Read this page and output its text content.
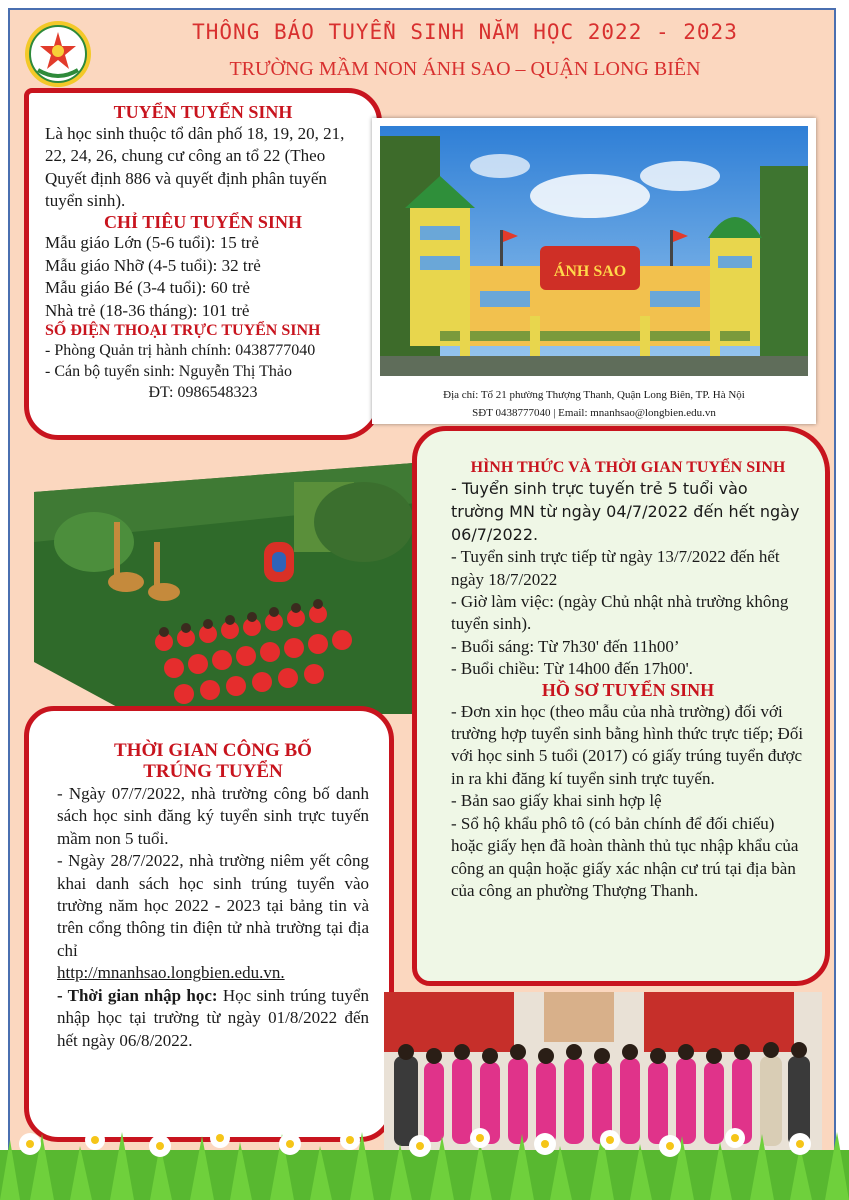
THÔNG BÁO TUYỂN SINH NĂM HỌC 2022 - 2023
TRƯỜNG MẦM NON ÁNH SAO – QUẬN LONG BIÊN
TUYỂN TUYỂN SINH
Là học sinh thuộc tổ dân phố 18, 19, 20, 21, 22, 24, 26, chung cư công an tổ 22 (Theo Quyết định 886 và quyết định phân tuyến tuyển sinh).
CHỈ TIÊU TUYỂN SINH
Mẫu giáo Lớn (5-6 tuổi): 15 trẻ
Mẫu giáo Nhỡ (4-5 tuổi): 32 trẻ
Mẫu giáo Bé (3-4 tuổi): 60 trẻ
Nhà trẻ (18-36 tháng): 101 trẻ
SỐ ĐIỆN THOẠI TRỰC TUYỂN SINH
- Phòng Quản trị hành chính: 0438777040
- Cán bộ tuyển sinh: Nguyễn Thị Thảo
ĐT: 0986548323
ÁNH SAO
Địa chỉ: Tổ 21 phường Thượng Thanh, Quận Long Biên, TP. Hà Nội
SĐT 0438777040 | Email: mnanhsao@longbien.edu.vn
HÌNH THỨC VÀ THỜI GIAN TUYỂN SINH
- Tuyển sinh trực tuyến trẻ 5 tuổi vào trường MN từ ngày 04/7/2022 đến hết ngày 06/7/2022.
- Tuyển sinh trực tiếp từ ngày 13/7/2022 đến hết ngày 18/7/2022
- Giờ làm việc: (ngày Chủ nhật nhà trường không tuyển sinh).
- Buổi sáng: Từ 7h30' đến 11h00’
- Buổi chiều: Từ 14h00 đến 17h00'.
HỒ SƠ TUYỂN SINH
- Đơn xin học (theo mẫu của nhà trường) đối với trường hợp tuyển sinh bằng hình thức trực tiếp; Đối với học sinh 5 tuổi (2017) có giấy trúng tuyển được in ra khi đăng kí tuyển sinh trực tuyến.
- Bản sao giấy khai sinh hợp lệ
- Sổ hộ khẩu phô tô (có bản chính để đối chiếu) hoặc giấy hẹn đã hoàn thành thủ tục nhập khẩu của công an quận hoặc giấy xác nhận cư trú tại địa bàn của công an phường Thượng Thanh.
THỜI GIAN CÔNG BỐ
TRÚNG TUYỂN
- Ngày 07/7/2022, nhà trường công bố danh sách học sinh đăng ký tuyển sinh trực tuyến mầm non 5 tuổi.
- Ngày 28/7/2022, nhà trường niêm yết công khai danh sách học sinh trúng tuyển vào trường năm học 2022 - 2023 tại bảng tin và trên cổng thông tin điện tử nhà trường tại địa chỉ
http://mnanhsao.longbien.edu.vn.
- Thời gian nhập học: Học sinh trúng tuyển nhập học tại trường từ ngày 01/8/2022 đến hết ngày 06/8/2022.
